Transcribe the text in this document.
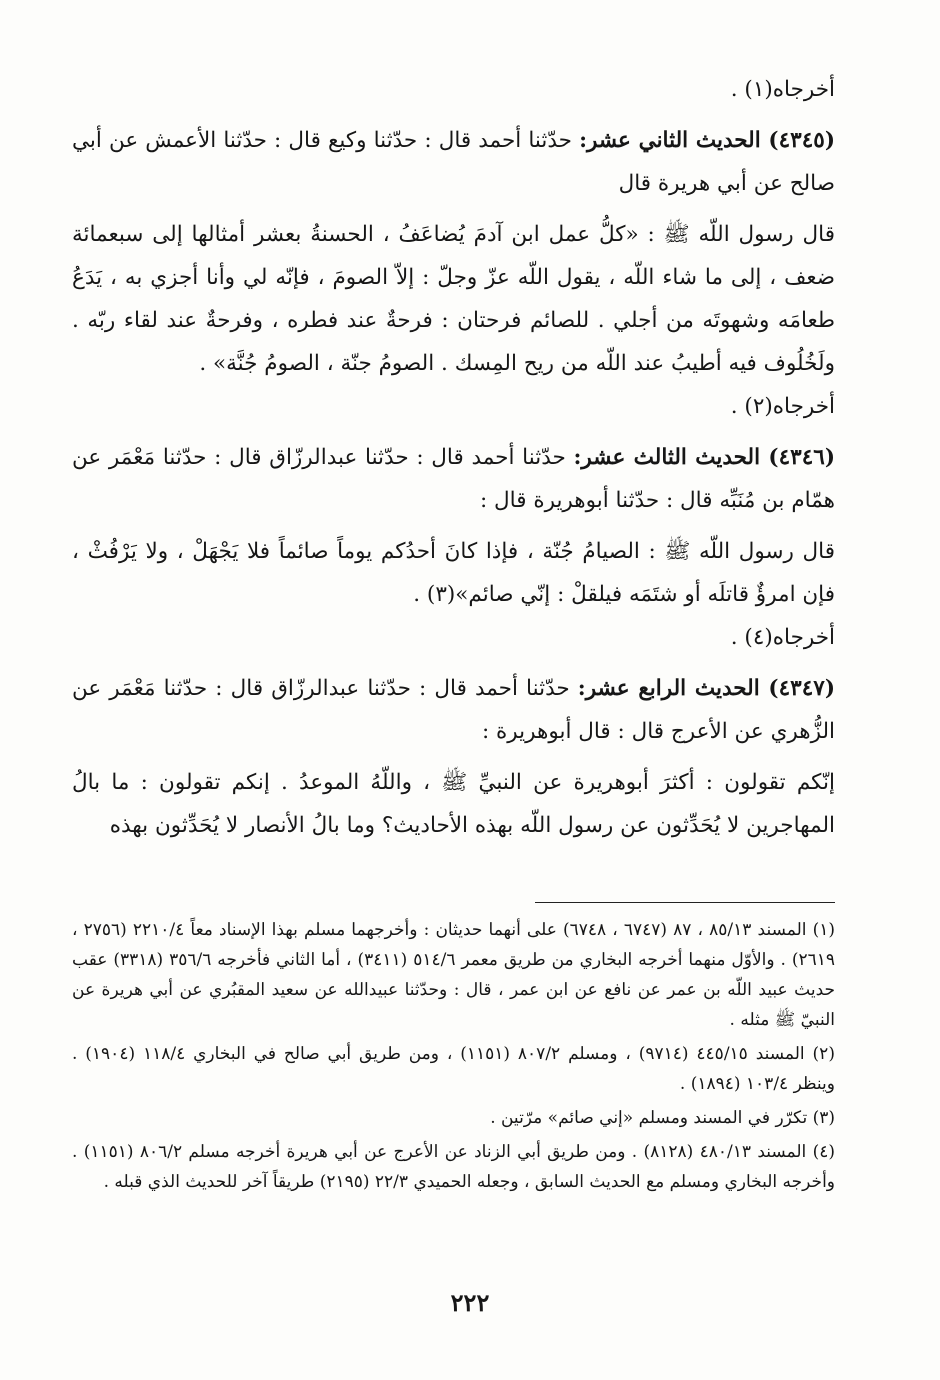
أخرجاه(١) .

(٤٣٤٥) الحديث الثاني عشر: حدّثنا أحمد قال : حدّثنا وكيع قال : حدّثنا الأعمش عن أبي صالح عن أبي هريرة قال

قال رسول اللّه ﷺ : «كلُّ عمل ابن آدمَ يُضاعَفُ ، الحسنةُ بعشر أمثالها إلى سبعمائة ضعف ، إلى ما شاء اللّه ، يقول اللّه عزّ وجلّ : إلاّ الصومَ ، فإنّه لي وأنا أجزي به ، يَدَعُ طعامَه وشهوتَه من أجلي . للصائم فرحتان : فرحةٌ عند فطره ، وفرحةٌ عند لقاء ربّه . ولَخُلُوف فيه أطيبُ عند اللّه من ريح المِسك . الصومُ جنّة ، الصومُ جُنَّة» .

أخرجاه(٢) .

(٤٣٤٦) الحديث الثالث عشر: حدّثنا أحمد قال : حدّثنا عبدالرزّاق قال : حدّثنا مَعْمَر عن همّام بن مُنَبِّه قال : حدّثنا أبوهريرة قال :

قال رسول اللّه ﷺ : الصيامُ جُنّة ، فإذا كانَ أحدُكم يوماً صائماً فلا يَجْهَلْ ، ولا يَرْفُثْ ، فإن امرؤٌ قاتلَه أو شتَمَه فيلقلْ : إنّي صائم»(٣) .

أخرجاه(٤) .

(٤٣٤٧) الحديث الرابع عشر: حدّثنا أحمد قال : حدّثنا عبدالرزّاق قال : حدّثنا مَعْمَر عن الزُّهري عن الأعرج قال : قال أبوهريرة :

إنّكم تقولون : أكثرَ أبوهريرة عن النبيِّ ﷺ ، واللّهُ الموعدُ . إنكم تقولون : ما بالُ المهاجرين لا يُحَدِّثون عن رسول اللّه بهذه الأحاديث؟ وما بالُ الأنصار لا يُحَدِّثون بهذه

(١) المسند ٨٥/١٣ ، ٨٧ (٦٧٤٧ ، ٦٧٤٨) على أنهما حديثان : وأخرجهما مسلم بهذا الإسناد معاً ٢٢١٠/٤ (٢٧٥٦ ، ٢٦١٩) . والأوّل منهما أخرجه البخاري من طريق معمر ٥١٤/٦ (٣٤١١) ، أما الثاني فأخرجه ٣٥٦/٦ (٣٣١٨) عقب حديث عبيد اللّه بن عمر عن نافع عن ابن عمر ، قال : وحدّثنا عبيدالله عن سعيد المقبُري عن أبي هريرة عن النبيّ ﷺ مثله .

(٢) المسند ٤٤٥/١٥ (٩٧١٤) ، ومسلم ٨٠٧/٢ (١١٥١) ، ومن طريق أبي صالح في البخاري ١١٨/٤ (١٩٠٤) . وينظر ١٠٣/٤ (١٨٩٤) .

(٣) تكرّر في المسند ومسلم «إني صائم» مرّتين .

(٤) المسند ٤٨٠/١٣ (٨١٢٨) . ومن طريق أبي الزناد عن الأعرج عن أبي هريرة أخرجه مسلم ٨٠٦/٢ (١١٥١) . وأخرجه البخاري ومسلم مع الحديث السابق ، وجعله الحميدي ٢٢/٣ (٢١٩٥) طريقاً آخر للحديث الذي قبله .

٢٢٢
